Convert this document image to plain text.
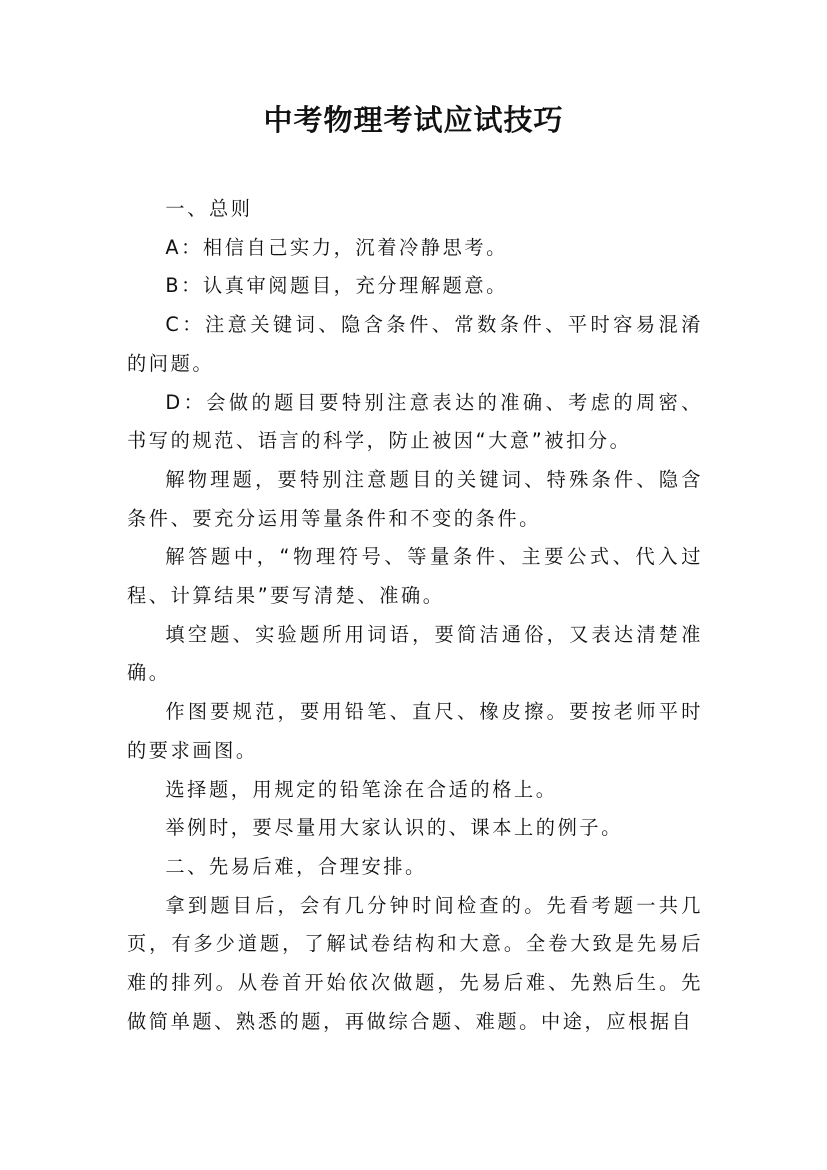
中考物理考试应试技巧

一、总则

A：相信自己实力，沉着冷静思考。

B：认真审阅题目，充分理解题意。

C：注意关键词、隐含条件、常数条件、平时容易混淆的问题。

D：会做的题目要特别注意表达的准确、考虑的周密、书写的规范、语言的科学，防止被因“大意”被扣分。

解物理题，要特别注意题目的关键词、特殊条件、隐含条件、要充分运用等量条件和不变的条件。

解答题中，“物理符号、等量条件、主要公式、代入过程、计算结果”要写清楚、准确。

填空题、实验题所用词语，要简洁通俗，又表达清楚准确。

作图要规范，要用铅笔、直尺、橡皮擦。要按老师平时的要求画图。

选择题，用规定的铅笔涂在合适的格上。

举例时，要尽量用大家认识的、课本上的例子。

二、先易后难，合理安排。

拿到题目后，会有几分钟时间检查的。先看考题一共几页，有多少道题，了解试卷结构和大意。全卷大致是先易后难的排列。从卷首开始依次做题，先易后难、先熟后生。先做简单题、熟悉的题，再做综合题、难题。中途，应根据自
